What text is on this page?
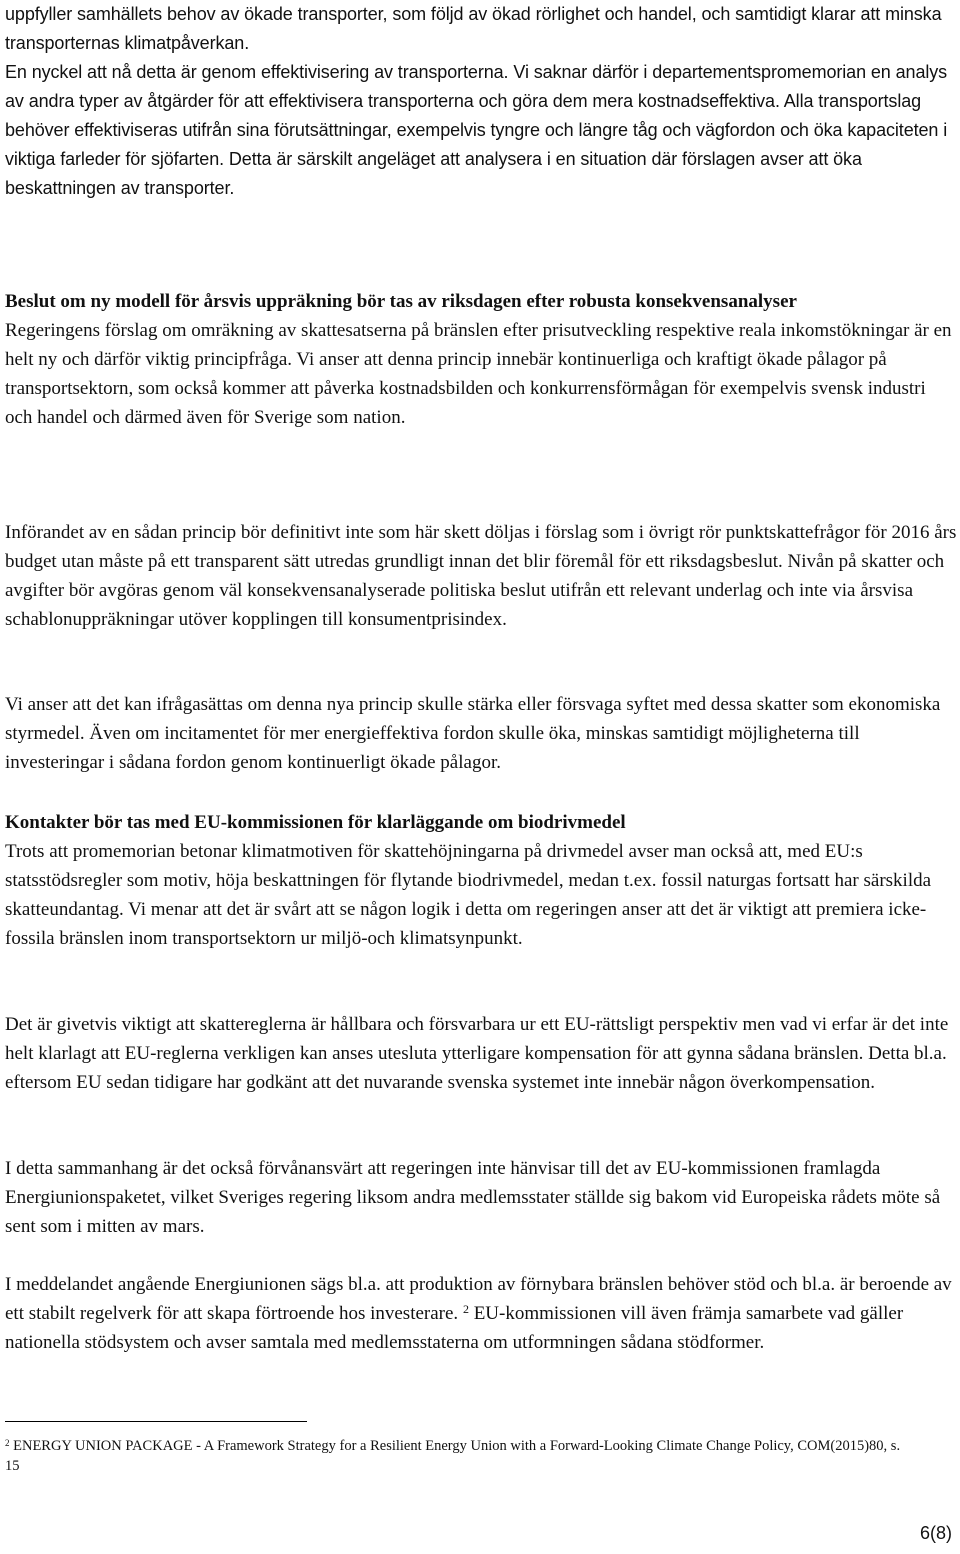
uppfyller samhällets behov av ökade transporter, som följd av ökad rörlighet och handel, och samtidigt klarar att minska transporternas klimatpåverkan.

En nyckel att nå detta är genom effektivisering av transporterna. Vi saknar därför i departementspromemorian en analys av andra typer av åtgärder för att effektivisera transporterna och göra dem mera kostnadseffektiva. Alla transportslag behöver effektiviseras utifrån sina förutsättningar, exempelvis tyngre och längre tåg och vägfordon och öka kapaciteten i viktiga farleder för sjöfarten. Detta är särskilt angeläget att analysera i en situation där förslagen avser att öka beskattningen av transporter.

Beslut om ny modell för årsvis uppräkning bör tas av riksdagen efter robusta konsekvensanalyser

Regeringens förslag om omräkning av skattesatserna på bränslen efter prisutveckling respektive reala inkomstökningar är en helt ny och därför viktig principfråga. Vi anser att denna princip innebär kontinuerliga och kraftigt ökade pålagor på transportsektorn, som också kommer att påverka kostnadsbilden och konkurrensförmågan för exempelvis svensk industri och handel och därmed även för Sverige som nation.

Införandet av en sådan princip bör definitivt inte som här skett döljas i förslag som i övrigt rör punktskattefrågor för 2016 års budget utan måste på ett transparent sätt utredas grundligt innan det blir föremål för ett riksdagsbeslut. Nivån på skatter och avgifter bör avgöras genom väl konsekvensanalyserade politiska beslut utifrån ett relevant underlag och inte via årsvisa schablonuppräkningar utöver kopplingen till konsumentprisindex.

Vi anser att det kan ifrågasättas om denna nya princip skulle stärka eller försvaga syftet med dessa skatter som ekonomiska styrmedel. Även om incitamentet för mer energieffektiva fordon skulle öka, minskas samtidigt möjligheterna till investeringar i sådana fordon genom kontinuerligt ökade pålagor.

Kontakter bör tas med EU-kommissionen för klarläggande om biodrivmedel

Trots att promemorian betonar klimatmotiven för skattehöjningarna på drivmedel avser man också att, med EU:s statsstödsregler som motiv, höja beskattningen för flytande biodrivmedel, medan t.ex. fossil naturgas fortsatt har särskilda skatteundantag. Vi menar att det är svårt att se någon logik i detta om regeringen anser att det är viktigt att premiera icke-fossila bränslen inom transportsektorn ur miljö-och klimatsynpunkt.

Det är givetvis viktigt att skattereglerna är hållbara och försvarbara ur ett EU-rättsligt perspektiv men vad vi erfar är det inte helt klarlagt att EU-reglerna verkligen kan anses utesluta ytterligare kompensation för att gynna sådana bränslen. Detta bl.a. eftersom EU sedan tidigare har godkänt att det nuvarande svenska systemet inte innebär någon överkompensation.

I detta sammanhang är det också förvånansvärt att regeringen inte hänvisar till det av EU-kommissionen framlagda Energiunionspaketet, vilket Sveriges regering liksom andra medlemsstater ställde sig bakom vid Europeiska rådets möte så sent som i mitten av mars.

I meddelandet angående Energiunionen sägs bl.a. att produktion av förnybara bränslen behöver stöd och bl.a. är beroende av ett stabilt regelverk för att skapa förtroende hos investerare. $^2$ EU-kommissionen vill även främja samarbete vad gäller nationella stödsystem och avser samtala med medlemsstaterna om utformningen sådana stödformer.

$^2$ ENERGY UNION PACKAGE - A Framework Strategy for a Resilient Energy Union with a Forward-Looking Climate Change Policy, COM(2015)80, s. 15

6(8)
